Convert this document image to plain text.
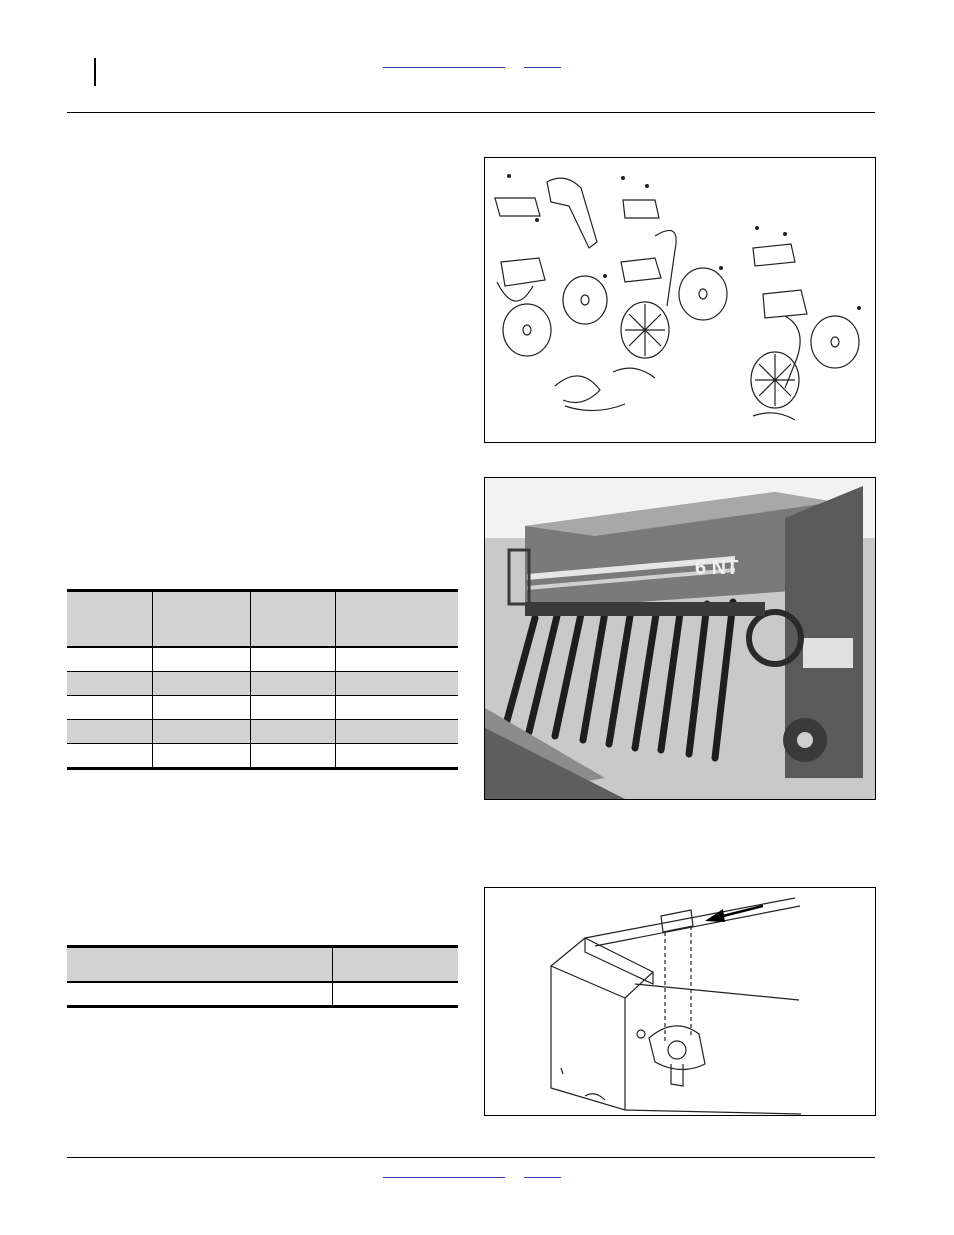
6 NT
